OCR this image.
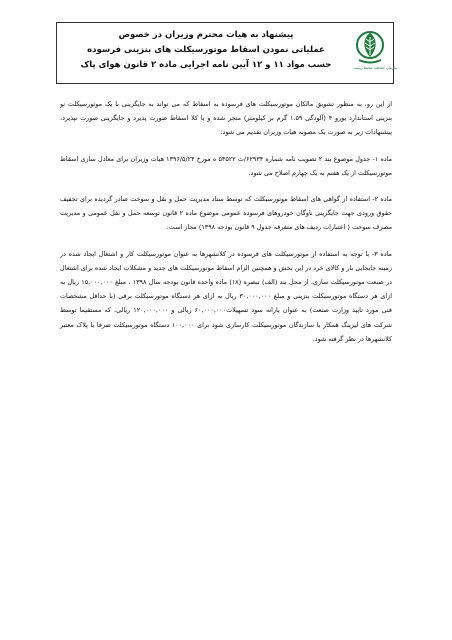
سازمان حفاظت محیط زیست
پیشنهاد به هیات محترم وزیران در خصوص
عملیاتی نمودن اسقاط موتورسیکلت های بنزینی فرسوده
حسب مواد ۱۱ و ۱۲ آیین نامه اجرایی ماده ۲ قانون هوای پاک

از این رو، به منظور تشویق مالکان موتورسیکلت های فرسوده به اسقاط که می تواند به جایگزینی با یک موتورسیکلت نو بنزینی استاندارد یورو ۴ (آلودگی ۱.۵۹ گرم بر کیلومتر) منجر شده و یا کلا اسقاط صورت پذیرد و جایگزینی صورت نپذیرد، پیشنهادات زیر به صورت یک مصوبه هیات وزیران تقدیم می شود:

ماده ۱- جدول موضوع بند ۲ تصویب نامه شماره ۶۲۹۳۴/ت ۵۴۵۲۲ ه مورخ ۱۳۹۶/۵/۲۴ هیات وزیران برای معادل سازی اسقاط موتورسیکلت از یک هفتم به یک چهارم اصلاح می شود.

ماده ۲- استفاده از گواهی های اسقاط موتورسیکلت که توسط ستاد مدیریت حمل و نقل و سوخت صادر گردیده برای تخفیف حقوق ورودی جهت جایگزینی ناوگان خودروهای فرسوده عمومی موضوع ماده ۲ قانون توسعه حمل و نقل عمومی و مدیریت مصرف سوخت ( اعتبارات ردیف های متفرقه جدول ۹ قانون بودجه ۱۳۹۸) مجاز است.

ماده ۳- با توجه به استفاده از موتورسیکلت های فرسوده در کلانشهرها به عنوان موتورسیکلت کار و اشتغال ایجاد شده در زمینه جابجایی بار و کالای خرد در این بخش و همچنین الزام اسقاط موتورسیکلت های جدید و مشکلات ایجاد شده برای اشتغال در صنعت موتورسیکلت سازی، از محل بند (الف) تبصره (۱۸) ماده واحده قانون بودجه سال ۱۳۹۸ ، مبلغ ۱۵,۰۰۰,۰۰۰ ریال به ازای هر دستگاه موتورسیکلت بنزینی و مبلغ ۳۰,۰۰۰,۰۰۰ ریال به ازای هر دستگاه موتورسیکلت برقی (با حداقل مشخصات فنی مورد تایید وزارت صنعت) به عنوان یارانه سود تسهیلات۶۰,۰۰۰,۰۰۰ ریالی و ۱۲۰,۰۰۰,۰۰۰ ریالی، که مستقیما توسط شرکت های لیزینگ همکار با سازندگان موتورسیکلت کارسازی شود برای ۱۰۰,۰۰۰ دستگاه موتورسیکلت صرفا با پلاک معتبر کلانشهرها در نظر گرفته شود.
